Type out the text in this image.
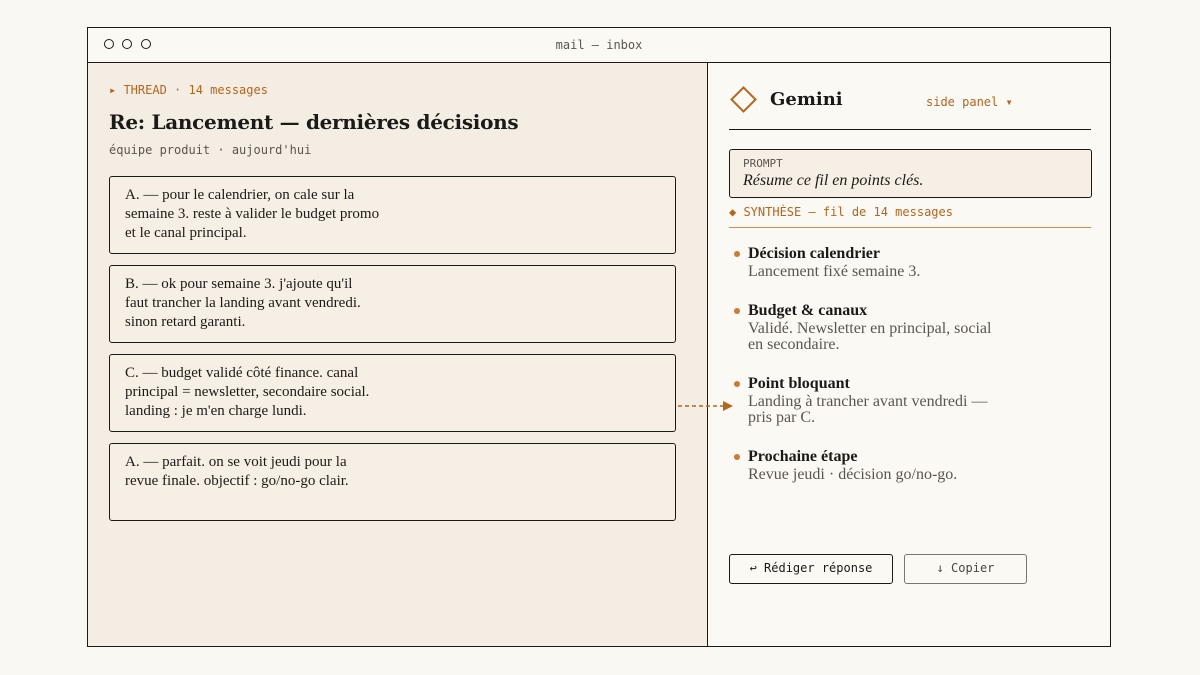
mail — inbox
▸ THREAD · 14 messages
Re: Lancement — dernières décisions
équipe produit · aujourd'hui
A. — pour le calendrier, on cale sur la
semaine 3. reste à valider le budget promo
et le canal principal.
B. — ok pour semaine 3. j'ajoute qu'il
faut trancher la landing avant vendredi.
sinon retard garanti.
C. — budget validé côté finance. canal
principal = newsletter, secondaire social.
landing : je m'en charge lundi.
A. — parfait. on se voit jeudi pour la
revue finale. objectif : go/no-go clair.
Gemini	side panel ▾
PROMPT
Résume ce fil en points clés.
◆ SYNTHÈSE — fil de 14 messages
Décision calendrier
Lancement fixé semaine 3.
Budget & canaux
Validé. Newsletter en principal, social en secondaire.
Point bloquant
Landing à trancher avant vendredi — pris par C.
Prochaine étape
Revue jeudi · décision go/no-go.
↩ Rédiger réponse	↓ Copier
